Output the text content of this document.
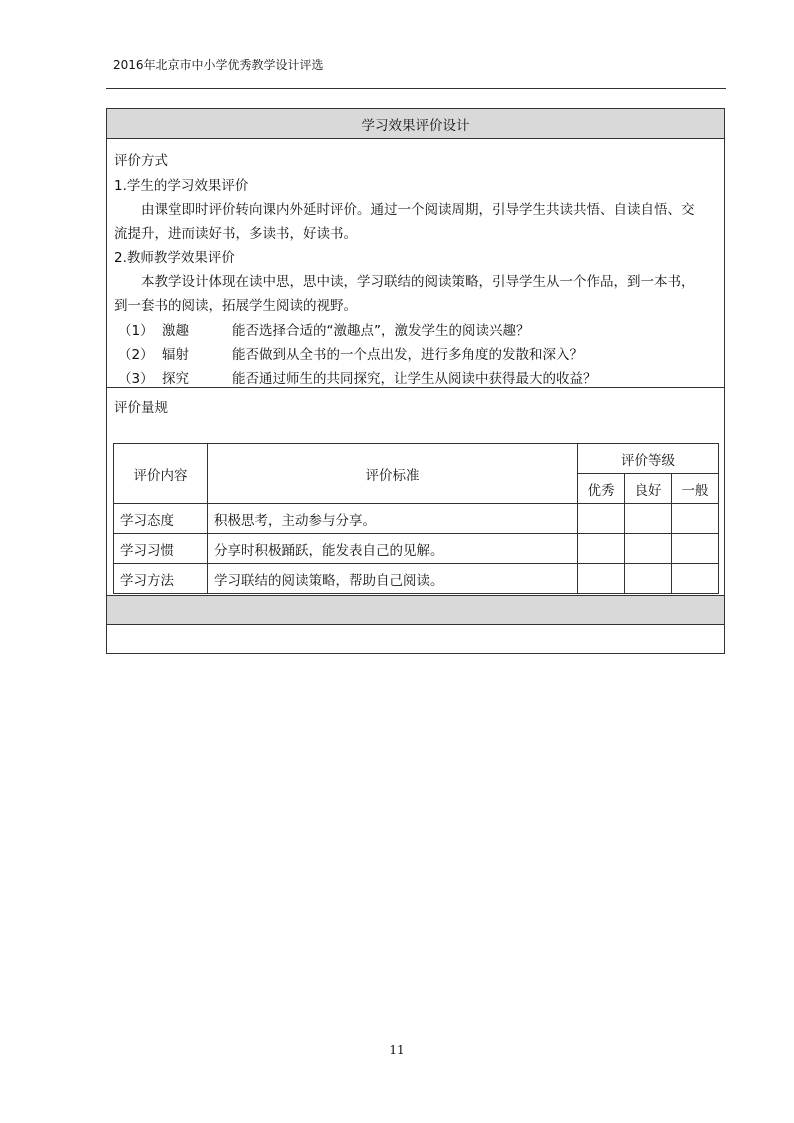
2016年北京市中小学优秀教学设计评选
学习效果评价设计
评价方式
1.学生的学习效果评价
由课堂即时评价转向课内外延时评价。通过一个阅读周期，引导学生共读共悟、自读自悟、交
流提升，进而读好书，多读书，好读书。
2.教师教学效果评价
本教学设计体现在读中思，思中读，学习联结的阅读策略，引导学生从一个作品，到一本书，
到一套书的阅读，拓展学生阅读的视野。
（1） 激趣	能否选择合适的“激趣点”，激发学生的阅读兴趣？
（2） 辐射	能否做到从全书的一个点出发，进行多角度的发散和深入？
（3） 探究	能否通过师生的共同探究，让学生从阅读中获得最大的收益？
评价量规
评价内容	评价标准	评价等级		
		优秀	良好	一般
学习态度	积极思考，主动参与分享。			
学习习惯	分享时积极踊跃，能发表自己的见解。			
学习方法	学习联结的阅读策略，帮助自己阅读。			
11
